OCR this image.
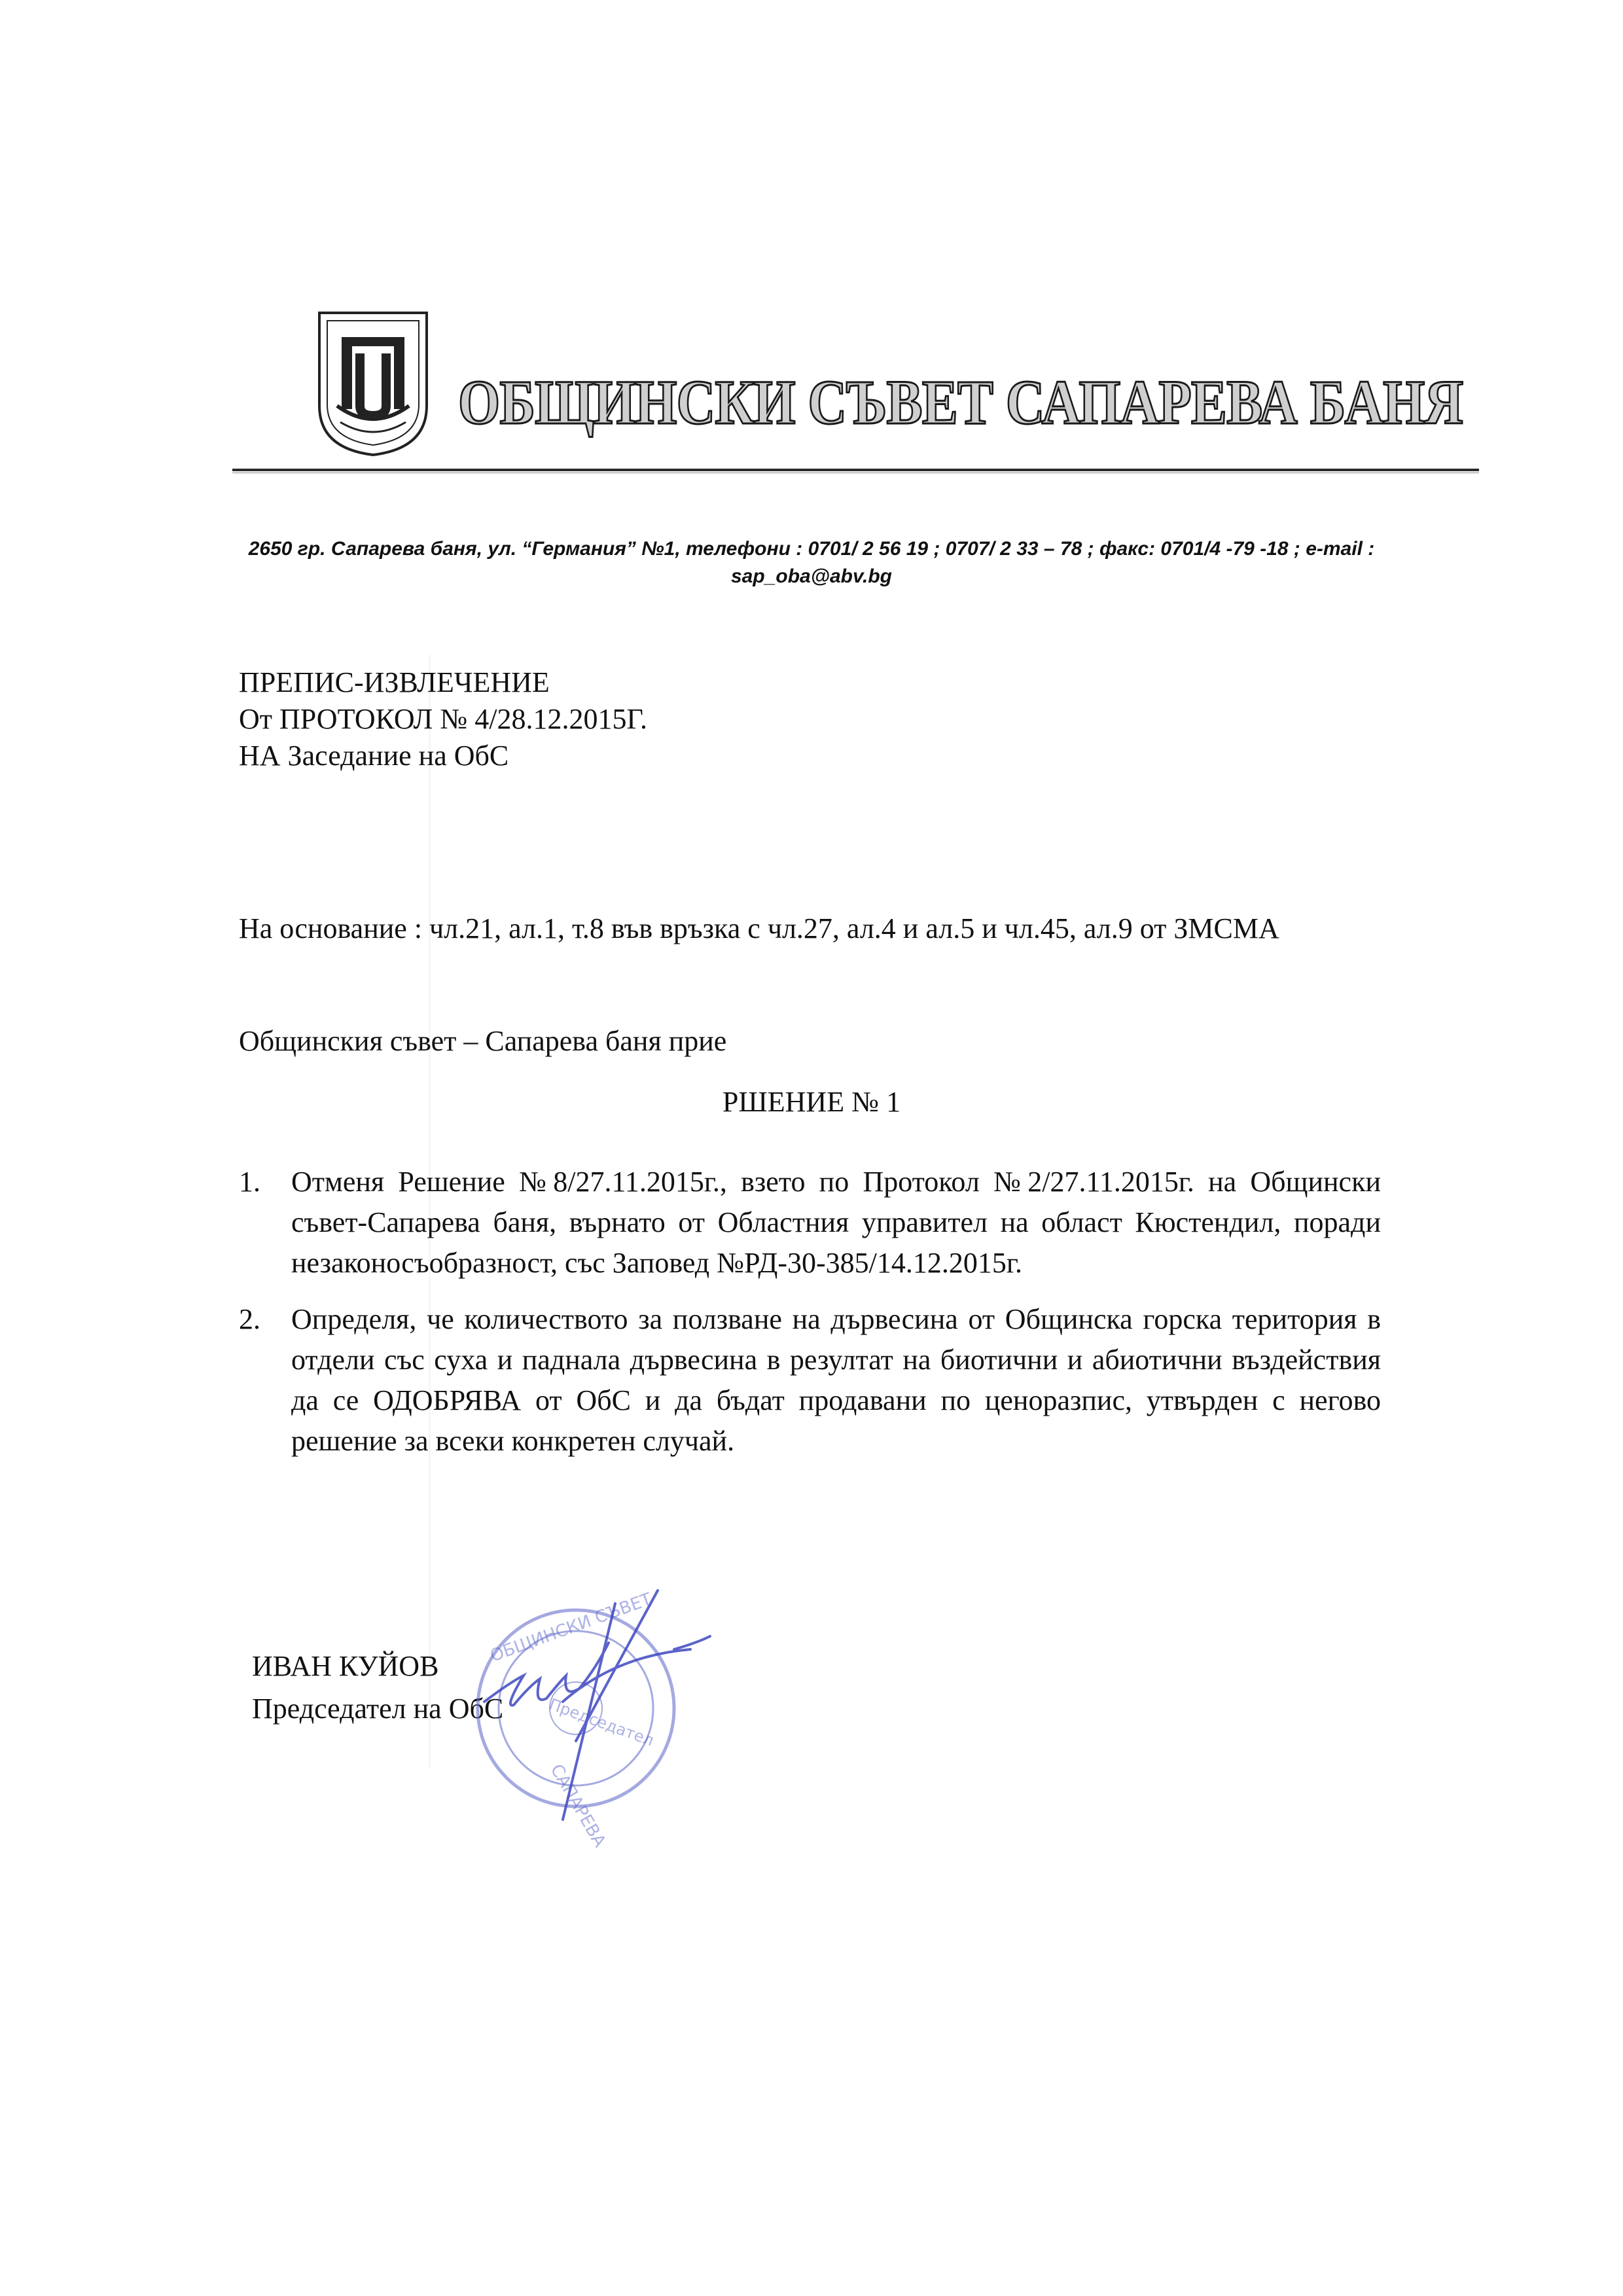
ОБЩИНСКИ СЪВЕТ САПАРЕВА БАНЯ
2650 гр. Сапарева баня, ул. “Германия” №1, телефони : 0701/ 2 56 19 ; 0707/ 2 33 – 78 ; факс: 0701/4 -79 -18 ; e-mail : sap_oba@abv.bg
ПРЕПИС-ИЗВЛЕЧЕНИЕ
От ПРОТОКОЛ № 4/28.12.2015Г.
НА Заседание на ОбС
На основание : чл.21, ал.1, т.8 във връзка с чл.27, ал.4 и ал.5 и чл.45, ал.9 от ЗМСМА
Общинския съвет – Сапарева баня прие
РШЕНИЕ № 1
1.	Отменя Решение №8/27.11.2015г., взето по Протокол №2/27.11.2015г. на Общински съвет-Сапарева баня, върнато от Областния управител на област Кюстендил, поради незаконосъобразност, със Заповед №РД-30-385/14.12.2015г.
2.	Определя, че количеството за ползване на дървесина от Общинска горска територия в отдели със суха и паднала дървесина в резултат на биотични и абиотични въздействия да се ОДОБРЯВА от ОбС и да бъдат продавани по ценоразпис, утвърден с негово решение за всеки конкретен случай.
ИВАН КУЙОВ
Председател на ОбС
ОБЩИНСКИ СЪВЕТ
САПАРЕВА
Председател
